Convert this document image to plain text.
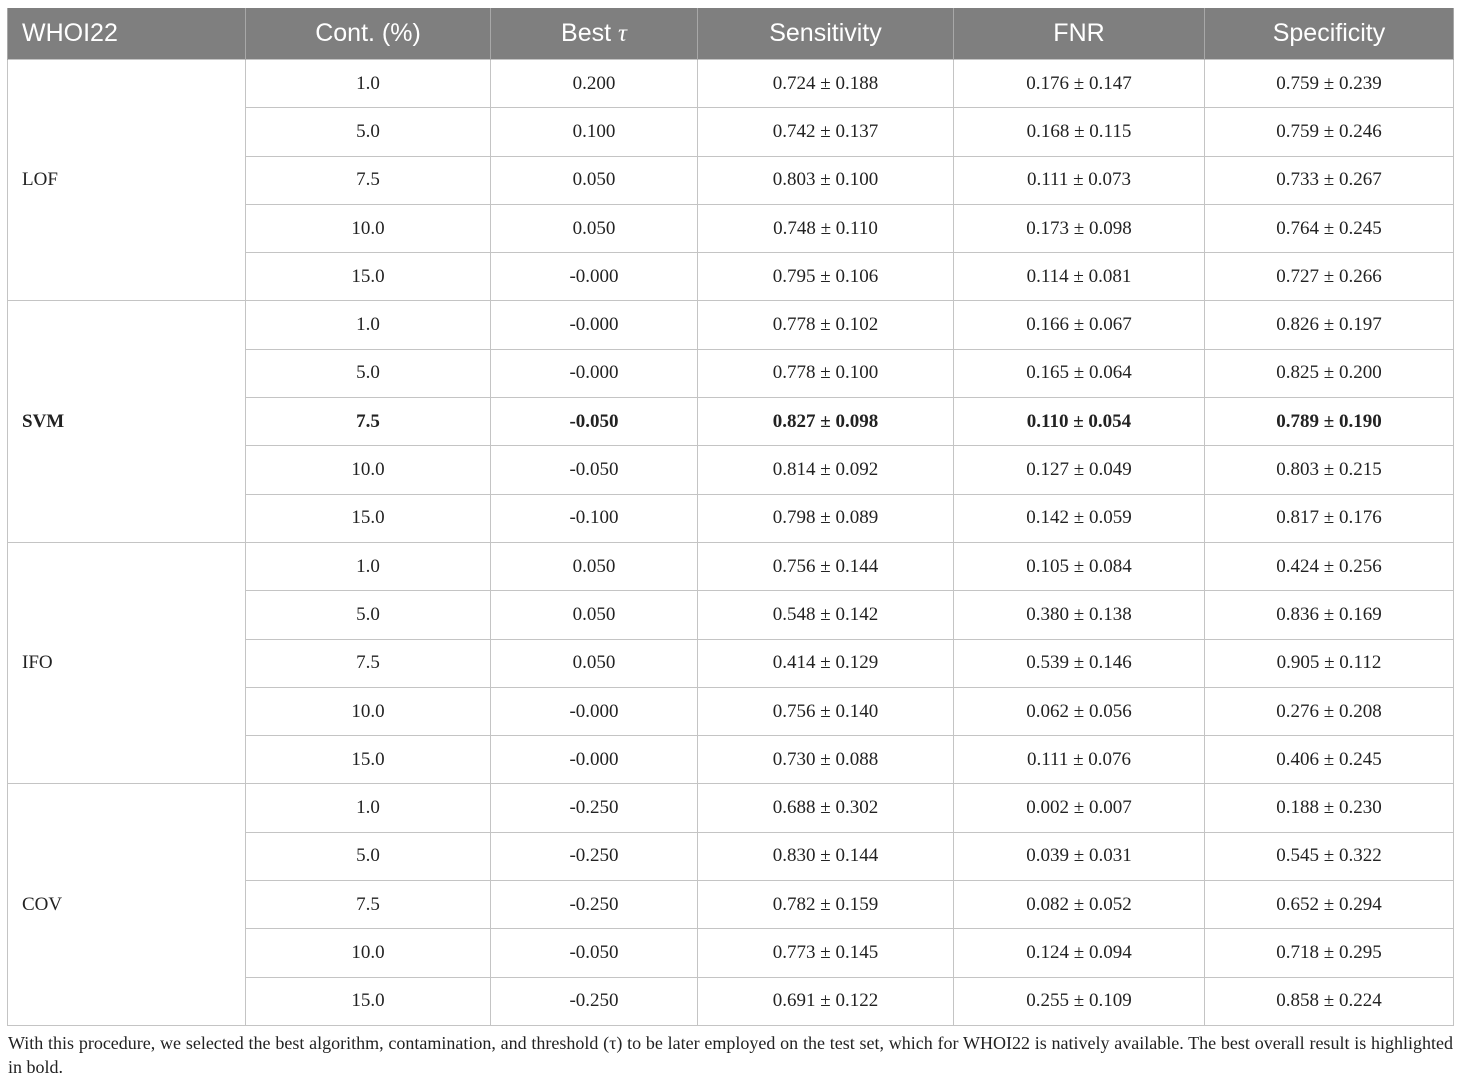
WHOI22	Cont. (%)	Best τ	Sensitivity	FNR	Specificity
LOF	1.0	0.200	0.724 ± 0.188	0.176 ± 0.147	0.759 ± 0.239
	5.0	0.100	0.742 ± 0.137	0.168 ± 0.115	0.759 ± 0.246
	7.5	0.050	0.803 ± 0.100	0.111 ± 0.073	0.733 ± 0.267
	10.0	0.050	0.748 ± 0.110	0.173 ± 0.098	0.764 ± 0.245
	15.0	-0.000	0.795 ± 0.106	0.114 ± 0.081	0.727 ± 0.266
SVM	1.0	-0.000	0.778 ± 0.102	0.166 ± 0.067	0.826 ± 0.197
	5.0	-0.000	0.778 ± 0.100	0.165 ± 0.064	0.825 ± 0.200
	7.5	-0.050	0.827 ± 0.098	0.110 ± 0.054	0.789 ± 0.190
	10.0	-0.050	0.814 ± 0.092	0.127 ± 0.049	0.803 ± 0.215
	15.0	-0.100	0.798 ± 0.089	0.142 ± 0.059	0.817 ± 0.176
IFO	1.0	0.050	0.756 ± 0.144	0.105 ± 0.084	0.424 ± 0.256
	5.0	0.050	0.548 ± 0.142	0.380 ± 0.138	0.836 ± 0.169
	7.5	0.050	0.414 ± 0.129	0.539 ± 0.146	0.905 ± 0.112
	10.0	-0.000	0.756 ± 0.140	0.062 ± 0.056	0.276 ± 0.208
	15.0	-0.000	0.730 ± 0.088	0.111 ± 0.076	0.406 ± 0.245
COV	1.0	-0.250	0.688 ± 0.302	0.002 ± 0.007	0.188 ± 0.230
	5.0	-0.250	0.830 ± 0.144	0.039 ± 0.031	0.545 ± 0.322
	7.5	-0.250	0.782 ± 0.159	0.082 ± 0.052	0.652 ± 0.294
	10.0	-0.050	0.773 ± 0.145	0.124 ± 0.094	0.718 ± 0.295
	15.0	-0.250	0.691 ± 0.122	0.255 ± 0.109	0.858 ± 0.224
With this procedure, we selected the best algorithm, contamination, and threshold (τ) to be later employed on the test set, which for WHOI22 is natively available. The best overall result is highlighted in bold.
